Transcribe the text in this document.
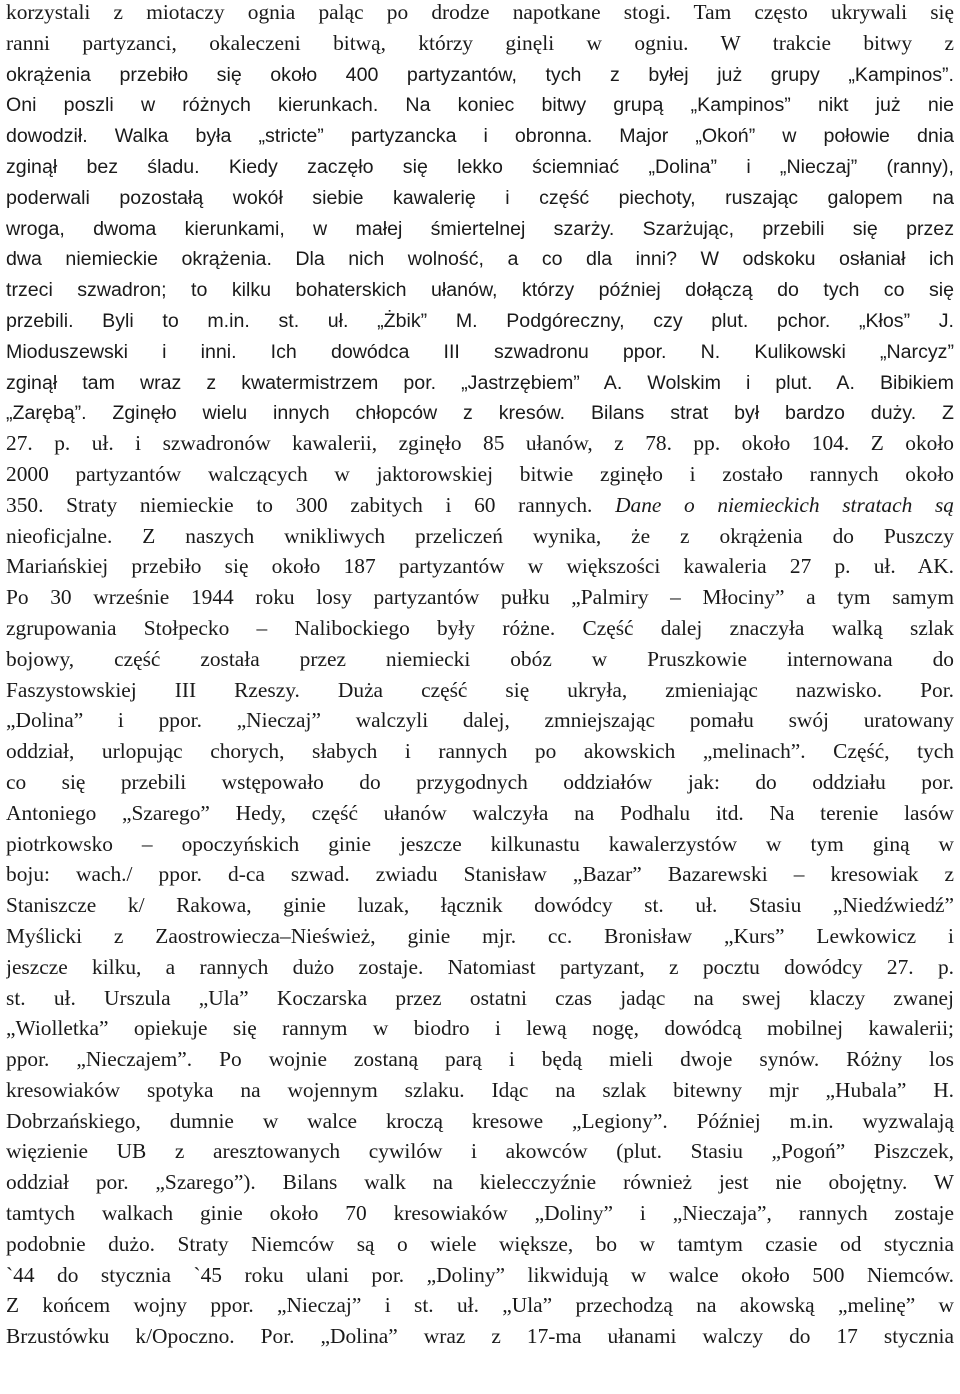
korzystali z miotaczy ognia paląc po drodze napotkane stogi. Tam często ukrywali się
ranni partyzanci, okaleczeni bitwą, którzy ginęli w ogniu. W trakcie bitwy z
okrążenia przebiło się około 400 partyzantów, tych z byłej już grupy „Kampinos”.
Oni poszli w różnych kierunkach. Na koniec bitwy grupą „Kampinos” nikt już nie
dowodził. Walka była „stricte” partyzancka i obronna. Major „Okoń” w połowie dnia
zginął bez śladu. Kiedy zaczęło się lekko ściemniać „Dolina” i „Nieczaj” (ranny),
poderwali pozostałą wokół siebie kawalerię i część piechoty, ruszając galopem na
wroga, dwoma kierunkami, w małej śmiertelnej szarży. Szarżując, przebili się przez
dwa niemieckie okrążenia. Dla nich wolność, a co dla inni? W odskoku osłaniał ich
trzeci szwadron; to kilku bohaterskich ułanów, którzy później dołączą do tych co się
przebili. Byli to m.in. st. uł. „Żbik” M. Podgóreczny, czy plut. pchor. „Kłos” J.
Mioduszewski i inni. Ich dowódca III szwadronu ppor. N. Kulikowski „Narcyz”
zginął tam wraz z kwatermistrzem por. „Jastrzębiem” A. Wolskim i plut. A. Bibikiem
„Zarębą”. Zginęło wielu innych chłopców z kresów. Bilans strat był bardzo duży. Z
27. p. uł. i szwadronów kawalerii, zginęło 85 ułanów, z 78. pp. około 104. Z około
2000 partyzantów walczących w jaktorowskiej bitwie zginęło i zostało rannych około
350. Straty niemieckie to 300 zabitych i 60 rannych. Dane o niemieckich stratach są
nieoficjalne. Z naszych wnikliwych przeliczeń wynika, że z okrążenia do Puszczy
Mariańskiej przebiło się około 187 partyzantów w większości kawaleria 27 p. uł. AK.
Po 30 wrześnie 1944 roku losy partyzantów pułku „Palmiry – Młociny” a tym samym
zgrupowania Stołpecko – Nalibockiego były różne. Część dalej znaczyła walką szlak
bojowy, część została przez niemiecki obóz w Pruszkowie internowana do
Faszystowskiej III Rzeszy. Duża część się ukryła, zmieniając nazwisko. Por.
„Dolina” i ppor. „Nieczaj” walczyli dalej, zmniejszając pomału swój uratowany
oddział, urlopując chorych, słabych i rannych po akowskich „melinach”. Część, tych
co się przebili wstępowało do przygodnych oddziałów jak: do oddziału por.
Antoniego „Szarego” Hedy, część ułanów walczyła na Podhalu itd. Na terenie lasów
piotrkowsko – opoczyńskich ginie jeszcze kilkunastu kawalerzystów w tym giną w
boju: wach./ ppor. d-ca szwad. zwiadu Stanisław „Bazar” Bazarewski – kresowiak z
Staniszcze k/ Rakowa, ginie luzak, łącznik dowódcy st. uł. Stasiu „Niedźwiedź”
Myślicki z Zaostrowiecza–Nieśwież, ginie mjr. cc. Bronisław „Kurs” Lewkowicz i
jeszcze kilku, a rannych dużo zostaje. Natomiast partyzant, z pocztu dowódcy 27. p.
st. uł. Urszula „Ula” Koczarska przez ostatni czas jadąc na swej klaczy zwanej
„Wiolletka” opiekuje się rannym w biodro i lewą nogę, dowódcą mobilnej kawalerii;
ppor. „Nieczajem”. Po wojnie zostaną parą i będą mieli dwoje synów. Różny los
kresowiaków spotyka na wojennym szlaku. Idąc na szlak bitewny mjr „Hubala” H.
Dobrzańskiego, dumnie w walce kroczą kresowe „Legiony”. Później m.in. wyzwalają
więzienie UB z aresztowanych cywilów i akowców (plut. Stasiu „Pogoń” Piszczek,
oddział por. „Szarego”). Bilans walk na kielecczyźnie również jest nie obojętny. W
tamtych walkach ginie około 70 kresowiaków „Doliny” i „Nieczaja”, rannych zostaje
podobnie dużo. Straty Niemców są o wiele większe, bo w tamtym czasie od stycznia
`44 do stycznia `45 roku ulani por. „Doliny” likwidują w walce około 500 Niemców.
Z końcem wojny ppor. „Nieczaj” i st. uł. „Ula” przechodzą na akowską „melinę” w
Brzustówku k/Opoczno. Por. „Dolina” wraz z 17-ma ułanami walczy do 17 stycznia
